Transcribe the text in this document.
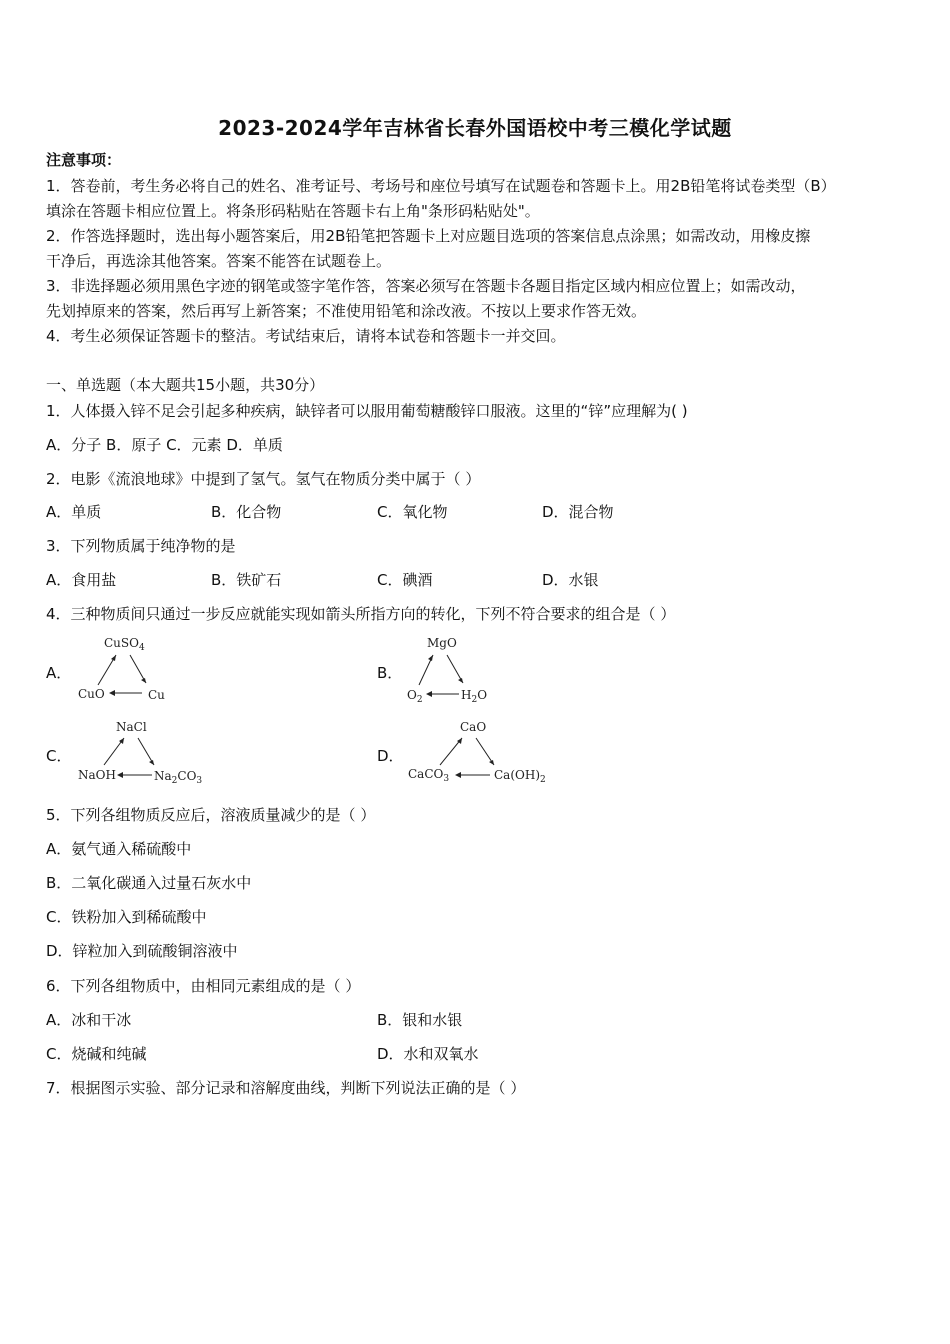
2023-2024学年吉林省长春外国语校中考三模化学试题
注意事项：
1．答卷前，考生务必将自己的姓名、准考证号、考场号和座位号填写在试题卷和答题卡上。用2B铅笔将试卷类型（B）
填涂在答题卡相应位置上。将条形码粘贴在答题卡右上角"条形码粘贴处"。
2．作答选择题时，选出每小题答案后，用2B铅笔把答题卡上对应题目选项的答案信息点涂黑；如需改动，用橡皮擦
干净后，再选涂其他答案。答案不能答在试题卷上。
3．非选择题必须用黑色字迹的钢笔或签字笔作答，答案必须写在答题卡各题目指定区域内相应位置上；如需改动，
先划掉原来的答案，然后再写上新答案；不准使用铅笔和涂改液。不按以上要求作答无效。
4．考生必须保证答题卡的整洁。考试结束后，请将本试卷和答题卡一并交回。
一、单选题（本大题共15小题，共30分）
1．人体摄入锌不足会引起多种疾病，缺锌者可以服用葡萄糖酸锌口服液。这里的“锌”应理解为( )
A．分子 B．原子 C．元素 D．单质
2．电影《流浪地球》中提到了氢气。氢气在物质分类中属于（ ）
A．单质	B．化合物	C．氧化物	D．混合物
3．下列物质属于纯净物的是
A．食用盐	B．铁矿石	C．碘酒	D．水银
4．三种物质间只通过一步反应就能实现如箭头所指方向的转化，下列不符合要求的组合是（ ）
A．
CuSO$_4$
CuO	Cu
B．
MgO
$O_2$	$H_2O$
C．
NaCl
NaOH	$Na_2CO_3$
D．
CaO
CaCO$_3$	$Ca(OH)_2$
5．下列各组物质反应后，溶液质量减少的是（ ）
A．氨气通入稀硫酸中
B．二氧化碳通入过量石灰水中
C．铁粉加入到稀硫酸中
D．锌粒加入到硫酸铜溶液中
6．下列各组物质中，由相同元素组成的是（ ）
A．冰和干冰	B．银和水银
C．烧碱和纯碱	D．水和双氧水
7．根据图示实验、部分记录和溶解度曲线，判断下列说法正确的是（ ）
